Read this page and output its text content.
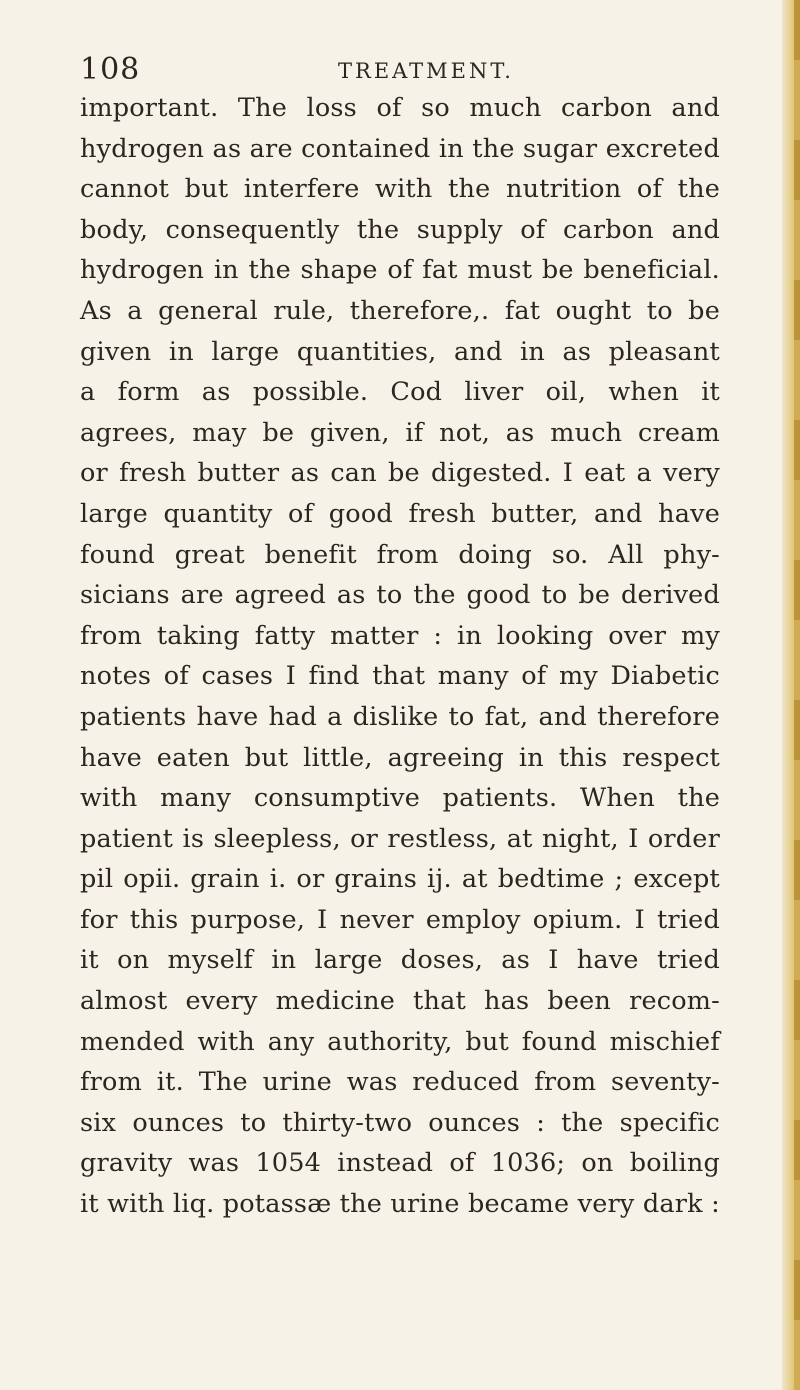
108	TREATMENT.
important. The loss of so much carbon and
hydrogen as are contained in the sugar excreted
cannot but interfere with the nutrition of the
body, consequently the supply of carbon and
hydrogen in the shape of fat must be beneficial.
As a general rule, therefore,. fat ought to be
given in large quantities, and in as pleasant
a form as possible. Cod liver oil, when it
agrees, may be given, if not, as much cream
or fresh butter as can be digested. I eat a very
large quantity of good fresh butter, and have
found great benefit from doing so. All phy-
sicians are agreed as to the good to be derived
from taking fatty matter : in looking over my
notes of cases I find that many of my Diabetic
patients have had a dislike to fat, and therefore
have eaten but little, agreeing in this respect
with many consumptive patients. When the
patient is sleepless, or restless, at night, I order
pil opii. grain i. or grains ij. at bedtime ; except
for this purpose, I never employ opium. I tried
it on myself in large doses, as I have tried
almost every medicine that has been recom-
mended with any authority, but found mischief
from it. The urine was reduced from seventy-
six ounces to thirty-two ounces : the specific
gravity was 1054 instead of 1036; on boiling
it with liq. potassæ the urine became very dark :
